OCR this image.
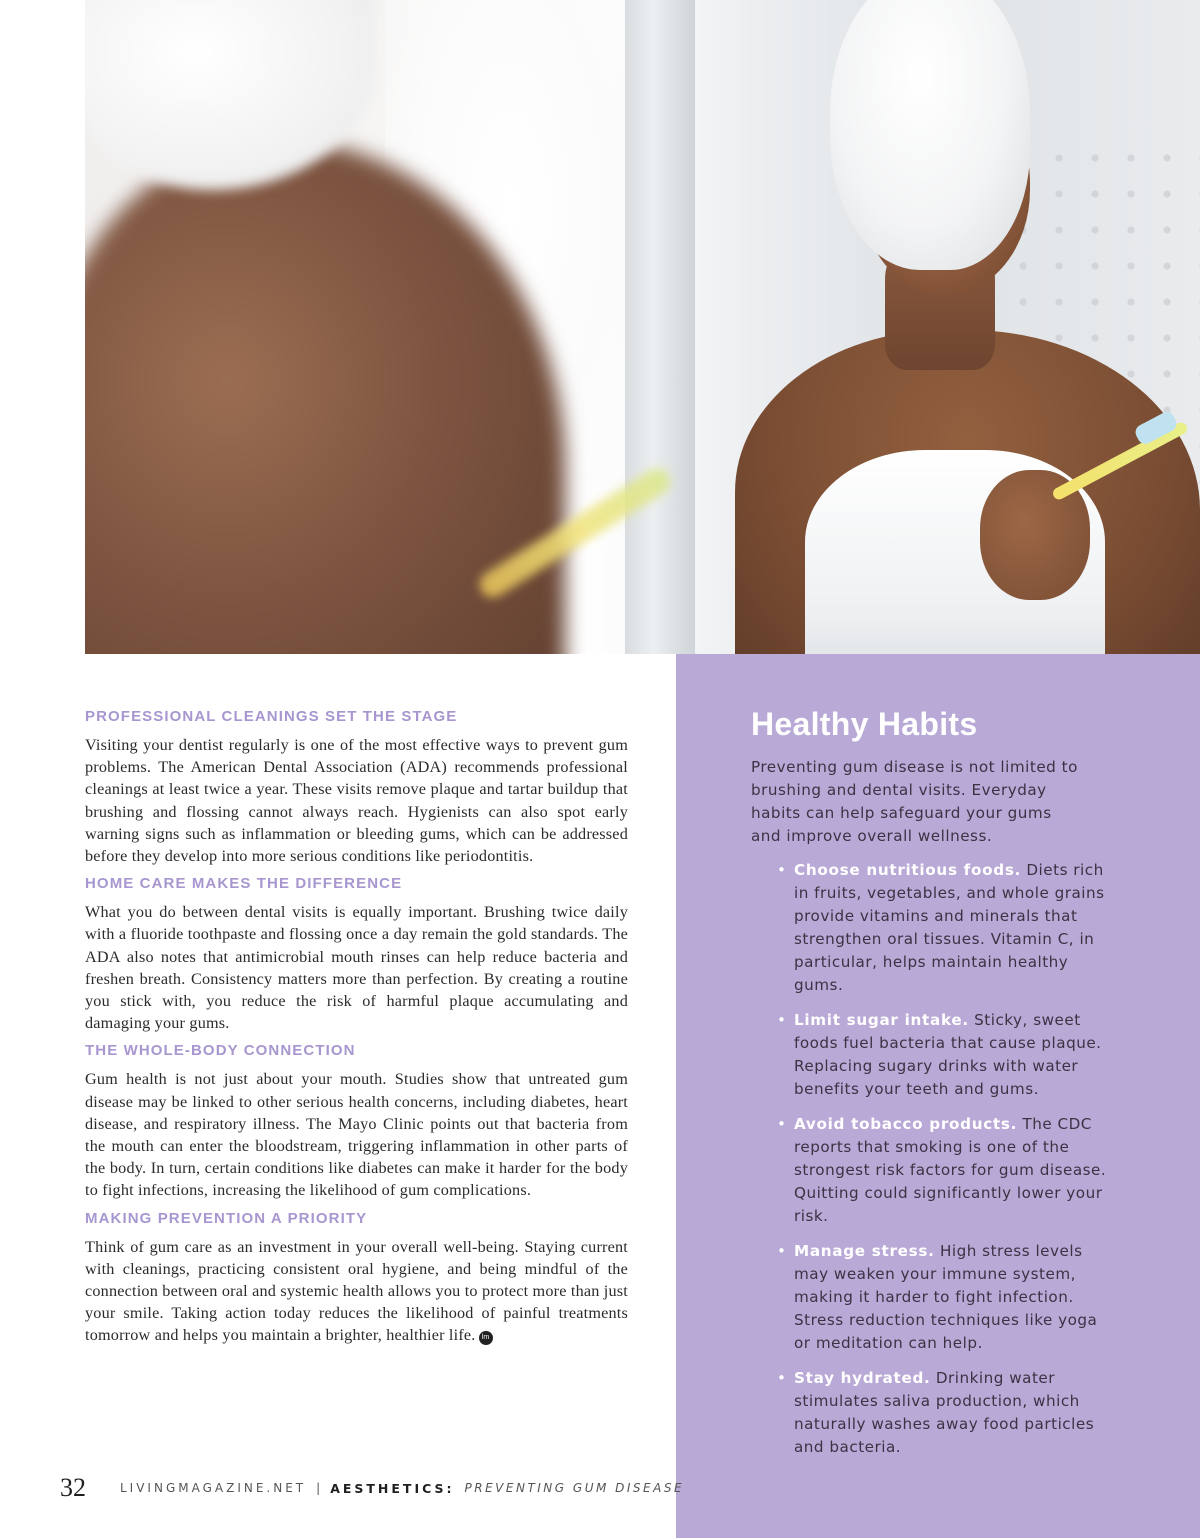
PROFESSIONAL CLEANINGS SET THE STAGE

Visiting your dentist regularly is one of the most effective ways to prevent gum problems. The American Dental Association (ADA) recommends professional cleanings at least twice a year. These visits remove plaque and tartar buildup that brushing and flossing cannot always reach. Hygienists can also spot early warning signs such as inflammation or bleeding gums, which can be addressed before they develop into more serious conditions like periodontitis.

HOME CARE MAKES THE DIFFERENCE

What you do between dental visits is equally important. Brushing twice daily with a fluoride toothpaste and flossing once a day remain the gold standards. The ADA also notes that antimicrobial mouth rinses can help reduce bacteria and freshen breath. Consistency matters more than perfection. By creating a routine you stick with, you reduce the risk of harmful plaque accumulating and damaging your gums.

THE WHOLE-BODY CONNECTION

Gum health is not just about your mouth. Studies show that untreated gum disease may be linked to other serious health concerns, including diabetes, heart disease, and respiratory illness. The Mayo Clinic points out that bacteria from the mouth can enter the bloodstream, triggering inflammation in other parts of the body. In turn, certain conditions like diabetes can make it harder for the body to fight infections, increasing the likelihood of gum complications.

MAKING PREVENTION A PRIORITY

Think of gum care as an investment in your overall well-being. Staying current with cleanings, practicing consistent oral hygiene, and being mindful of the connection between oral and systemic health allows you to protect more than just your smile. Taking action today reduces the likelihood of painful treatments tomorrow and helps you maintain a brighter, healthier life. lm

Healthy Habits

Preventing gum disease is not limited to brushing and dental visits. Everyday habits can help safeguard your gums and improve overall wellness.

• Choose nutritious foods. Diets rich in fruits, vegetables, and whole grains provide vitamins and minerals that strengthen oral tissues. Vitamin C, in particular, helps maintain healthy gums.
• Limit sugar intake. Sticky, sweet foods fuel bacteria that cause plaque. Replacing sugary drinks with water benefits your teeth and gums.
• Avoid tobacco products. The CDC reports that smoking is one of the strongest risk factors for gum disease. Quitting could significantly lower your risk.
• Manage stress. High stress levels may weaken your immune system, making it harder to fight infection. Stress reduction techniques like yoga or meditation can help.
• Stay hydrated. Drinking water stimulates saliva production, which naturally washes away food particles and bacteria.
32	LIVINGMAGAZINE.NET | AESTHETICS: PREVENTING GUM DISEASE
